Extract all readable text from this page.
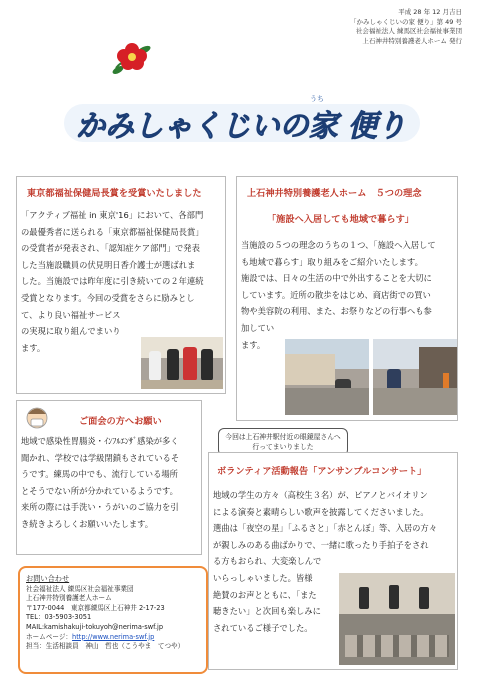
平成 28 年 12 月吉日
「かみしゃくじいの家 便り」第 49 号
社会福祉法人 練馬区社会福祉事業団
上石神井特別養護老人ホーム 発行
うち
かみしゃくじいの家 便り
東京都福祉保健局長賞を受賞いたしました
「アクティブ福祉 in 東京'16」において、各部門
の最優秀者に送られる「東京都福祉保健局長賞」
の受賞者が発表され、「認知症ケア部門」で発表
した当施設職員の伏見明日香介護士が選ばれま
した。当施設では昨年度に引き続いての２年連続
受賞となります。今回の受賞をさらに励みとし
て、より良い福祉サービス
の実現に取り組んでまいり
ます。
上石神井特別養護老人ホーム　５つの理念
「施設へ入居しても地域で暮らす」
当施設の５つの理念のうちの１つ、「施設へ入居して
も地域で暮らす」取り組みをご紹介いたします。
施設では、日々の生活の中で外出することを大切に
しています。近所の散歩をはじめ、商店街での買い
物や美容院の利用、また、お祭りなどの行事へも参
加してい
ます。
ご面会の方へお願い
地域で感染性胃腸炎・ｲﾝﾌﾙｴﾝｻﾞ感染が多く
聞かれ、学校では学級閉鎖もされているそ
うです。練馬の中でも、流行している場所
とそうでない所が分かれているようです。
来所の際には手洗い・うがいのご協力を引
き続きよろしくお願いいたします。
今回は上石神井駅付近の眼鏡屋さんへ行ってまいりました
ボランティア活動報告「アンサンブルコンサート」
地域の学生の方々（高校生３名）が、ピアノとバイオリン
による演奏と素晴らしい歌声を披露してくださいました。
選曲は「夜空の星」「ふるさと」「赤とんぼ」等、入居の方々
が親しみのある曲ばかりで、一緒に歌ったり手拍子をされ
る方もおられ、大変楽しんで
いらっしゃいました。皆様
絶賛のお声とともに、「また
聴きたい」と次回も楽しみに
されているご様子でした。
お問い合わせ
社会福祉法人 練馬区社会福祉事業団
上石神井特別養護老人ホーム
〒177-0044　東京都練馬区上石神井 2-17-23
TEL：03-5903-3051
MAIL:kamishakuji-tokuyoh@nerima-swf.jp
ホームページ：http://www.nerima-swf.jp
担当：生活相談員　神山　哲也（こうやま　てつや）
